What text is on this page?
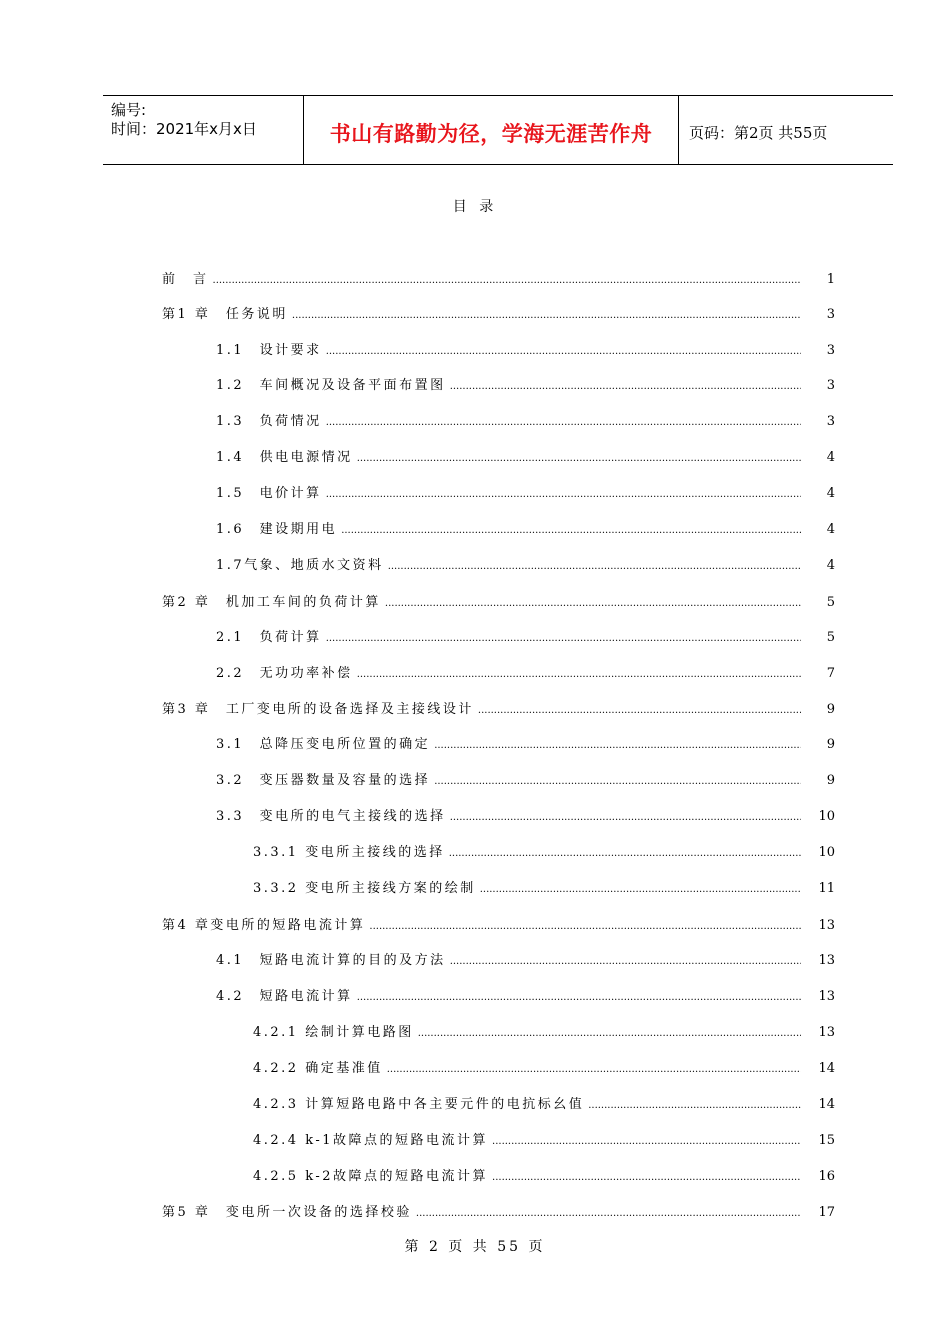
编号:
时间：2021年x月x日	书山有路勤为径，学海无涯苦作舟	页码：第2页 共55页
目 录
前　言 .....	1
第1 章　任务说明 .....	3
1.1　设计要求 .....	3
1.2　车间概况及设备平面布置图 .....	3
1.3　负荷情况 .....	3
1.4　供电电源情况 .....	4
1.5　电价计算 .....	4
1.6　建设期用电 .....	4
1.7气象、地质水文资料 .....	4
第2 章　机加工车间的负荷计算 .....	5
2.1　负荷计算 .....	5
2.2　无功功率补偿 .....	7
第3 章　工厂变电所的设备选择及主接线设计 .....	9
3.1　总降压变电所位置的确定 .....	9
3.2　变压器数量及容量的选择 .....	9
3.3　变电所的电气主接线的选择 .....	10
3.3.1 变电所主接线的选择 .....	10
3.3.2 变电所主接线方案的绘制 .....	11
第4 章变电所的短路电流计算 .....	13
4.1　短路电流计算的目的及方法 .....	13
4.2　短路电流计算 .....	13
4.2.1 绘制计算电路图 .....	13
4.2.2 确定基准值 .....	14
4.2.3 计算短路电路中各主要元件的电抗标幺值 .....	14
4.2.4 k-1故障点的短路电流计算 .....	15
4.2.5 k-2故障点的短路电流计算 .....	16
第5 章　变电所一次设备的选择校验 .....	17
第 2 页 共 55 页
